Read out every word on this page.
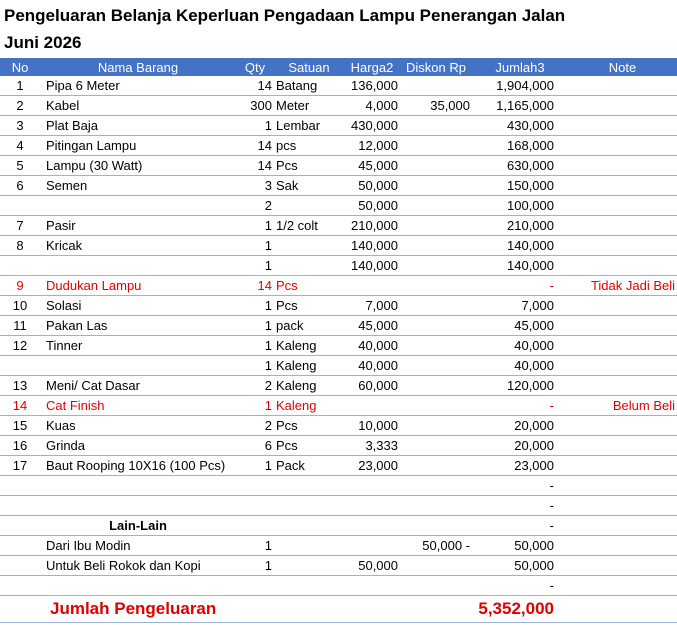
Pengeluaran Belanja Keperluan Pengadaan Lampu Penerangan Jalan
Juni 2026
No	Nama Barang	Qty	Satuan	Harga2	Diskon Rp	Jumlah3	Note
1	Pipa 6 Meter	14	Batang	136,000		1,904,000	
2	Kabel	300	Meter	4,000	35,000	1,165,000	
3	Plat Baja	1	Lembar	430,000		430,000	
4	Pitingan Lampu	14	pcs	12,000		168,000	
5	Lampu (30 Watt)	14	Pcs	45,000		630,000	
6	Semen	3	Sak	50,000		150,000	
		2		50,000		100,000	
7	Pasir	1	1/2 colt	210,000		210,000	
8	Kricak	1		140,000		140,000	
		1		140,000		140,000	
9	Dudukan Lampu	14	Pcs			-	Tidak Jadi Beli
10	Solasi	1	Pcs	7,000		7,000	
11	Pakan Las	1	pack	45,000		45,000	
12	Tinner	1	Kaleng	40,000		40,000	
		1	Kaleng	40,000		40,000	
13	Meni/ Cat Dasar	2	Kaleng	60,000		120,000	
14	Cat Finish	1	Kaleng			-	Belum Beli
15	Kuas	2	Pcs	10,000		20,000	
16	Grinda	6	Pcs	3,333		20,000	
17	Baut Rooping 10X16 (100 Pcs)	1	Pack	23,000		23,000	
						-	
						-	
	Lain-Lain					-	
	Dari Ibu Modin	1			50,000 -	50,000	
	Untuk Beli Rokok dan Kopi	1		50,000		50,000	
						-	
Jumlah Pengeluaran						5,352,000	
